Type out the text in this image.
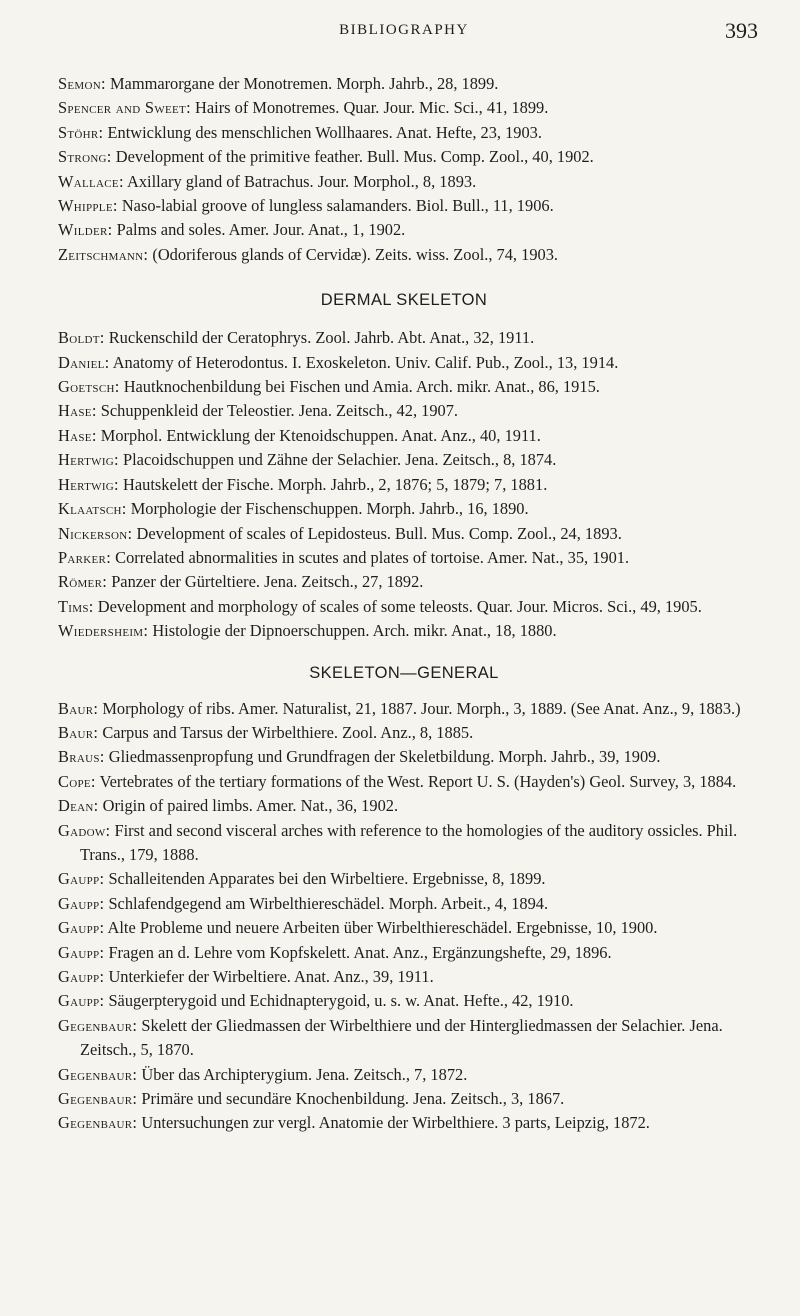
BIBLIOGRAPHY	393

Semon: Mammarorgane der Monotremen. Morph. Jahrb., 28, 1899.

Spencer and Sweet: Hairs of Monotremes. Quar. Jour. Mic. Sci., 41, 1899.

Stöhr: Entwicklung des menschlichen Wollhaares. Anat. Hefte, 23, 1903.

Strong: Development of the primitive feather. Bull. Mus. Comp. Zool., 40, 1902.

Wallace: Axillary gland of Batrachus. Jour. Morphol., 8, 1893.

Whipple: Naso-labial groove of lungless salamanders. Biol. Bull., 11, 1906.

Wilder: Palms and soles. Amer. Jour. Anat., 1, 1902.

Zeitschmann: (Odoriferous glands of Cervidæ). Zeits. wiss. Zool., 74, 1903.

DERMAL SKELETON

Boldt: Ruckenschild der Ceratophrys. Zool. Jahrb. Abt. Anat., 32, 1911.

Daniel: Anatomy of Heterodontus. I. Exoskeleton. Univ. Calif. Pub., Zool., 13, 1914.

Goetsch: Hautknochenbildung bei Fischen und Amia. Arch. mikr. Anat., 86, 1915.

Hase: Schuppenkleid der Teleostier. Jena. Zeitsch., 42, 1907.

Hase: Morphol. Entwicklung der Ktenoidschuppen. Anat. Anz., 40, 1911.

Hertwig: Placoidschuppen und Zähne der Selachier. Jena. Zeitsch., 8, 1874.

Hertwig: Hautskelett der Fische. Morph. Jahrb., 2, 1876; 5, 1879; 7, 1881.

Klaatsch: Morphologie der Fischenschuppen. Morph. Jahrb., 16, 1890.

Nickerson: Development of scales of Lepidosteus. Bull. Mus. Comp. Zool., 24, 1893.

Parker: Correlated abnormalities in scutes and plates of tortoise. Amer. Nat., 35, 1901.

Römer: Panzer der Gürteltiere. Jena. Zeitsch., 27, 1892.

Tims: Development and morphology of scales of some teleosts. Quar. Jour. Micros. Sci., 49, 1905.

Wiedersheim: Histologie der Dipnoerschuppen. Arch. mikr. Anat., 18, 1880.

SKELETON—GENERAL

Baur: Morphology of ribs. Amer. Naturalist, 21, 1887. Jour. Morph., 3, 1889. (See Anat. Anz., 9, 1883.)

Baur: Carpus and Tarsus der Wirbelthiere. Zool. Anz., 8, 1885.

Braus: Gliedmassenpropfung und Grundfragen der Skeletbildung. Morph. Jahrb., 39, 1909.

Cope: Vertebrates of the tertiary formations of the West. Report U. S. (Hayden's) Geol. Survey, 3, 1884.

Dean: Origin of paired limbs. Amer. Nat., 36, 1902.

Gadow: First and second visceral arches with reference to the homologies of the auditory ossicles. Phil. Trans., 179, 1888.

Gaupp: Schalleitenden Apparates bei den Wirbeltiere. Ergebnisse, 8, 1899.

Gaupp: Schlafendgegend am Wirbelthiereschädel. Morph. Arbeit., 4, 1894.

Gaupp: Alte Probleme und neuere Arbeiten über Wirbelthiereschädel. Ergebnisse, 10, 1900.

Gaupp: Fragen an d. Lehre vom Kopfskelett. Anat. Anz., Ergänzungshefte, 29, 1896.

Gaupp: Unterkiefer der Wirbeltiere. Anat. Anz., 39, 1911.

Gaupp: Säugerpterygoid und Echidnapterygoid, u. s. w. Anat. Hefte., 42, 1910.

Gegenbaur: Skelett der Gliedmassen der Wirbelthiere und der Hintergliedmassen der Selachier. Jena. Zeitsch., 5, 1870.

Gegenbaur: Über das Archipterygium. Jena. Zeitsch., 7, 1872.

Gegenbaur: Primäre und secundäre Knochenbildung. Jena. Zeitsch., 3, 1867.

Gegenbaur: Untersuchungen zur vergl. Anatomie der Wirbelthiere. 3 parts, Leipzig, 1872.
